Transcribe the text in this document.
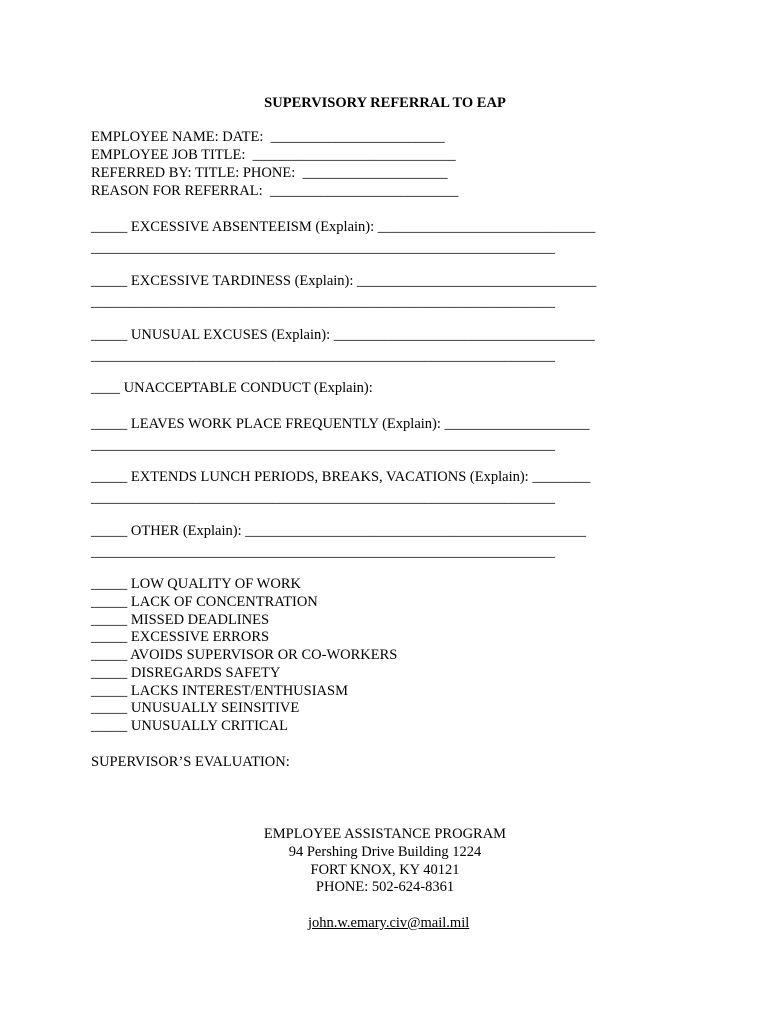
SUPERVISORY REFERRAL TO EAP
EMPLOYEE NAME: DATE:  ________________________
EMPLOYEE JOB TITLE:  ____________________________
REFERRED BY: TITLE: PHONE:  ____________________
REASON FOR REFERRAL:  __________________________
_____ EXCESSIVE ABSENTEEISM (Explain): ______________________________
________________________________________________________________
_____ EXCESSIVE TARDINESS (Explain): _________________________________
________________________________________________________________
_____ UNUSUAL EXCUSES (Explain): ____________________________________
________________________________________________________________
____ UNACCEPTABLE CONDUCT (Explain):
_____ LEAVES WORK PLACE FREQUENTLY (Explain): ____________________
________________________________________________________________
_____ EXTENDS LUNCH PERIODS, BREAKS, VACATIONS (Explain): ________
________________________________________________________________
_____ OTHER (Explain): _______________________________________________
________________________________________________________________
_____ LOW QUALITY OF WORK
_____ LACK OF CONCENTRATION
_____ MISSED DEADLINES
_____ EXCESSIVE ERRORS
_____ AVOIDS SUPERVISOR OR CO-WORKERS
_____ DISREGARDS SAFETY
_____ LACKS INTEREST/ENTHUSIASM
_____ UNUSUALLY SEINSITIVE
_____ UNUSUALLY CRITICAL
SUPERVISOR’S EVALUATION:
EMPLOYEE ASSISTANCE PROGRAM
94 Pershing Drive Building 1224
FORT KNOX, KY 40121
PHONE: 502-624-8361

john.w.emary.civ@mail.mil
